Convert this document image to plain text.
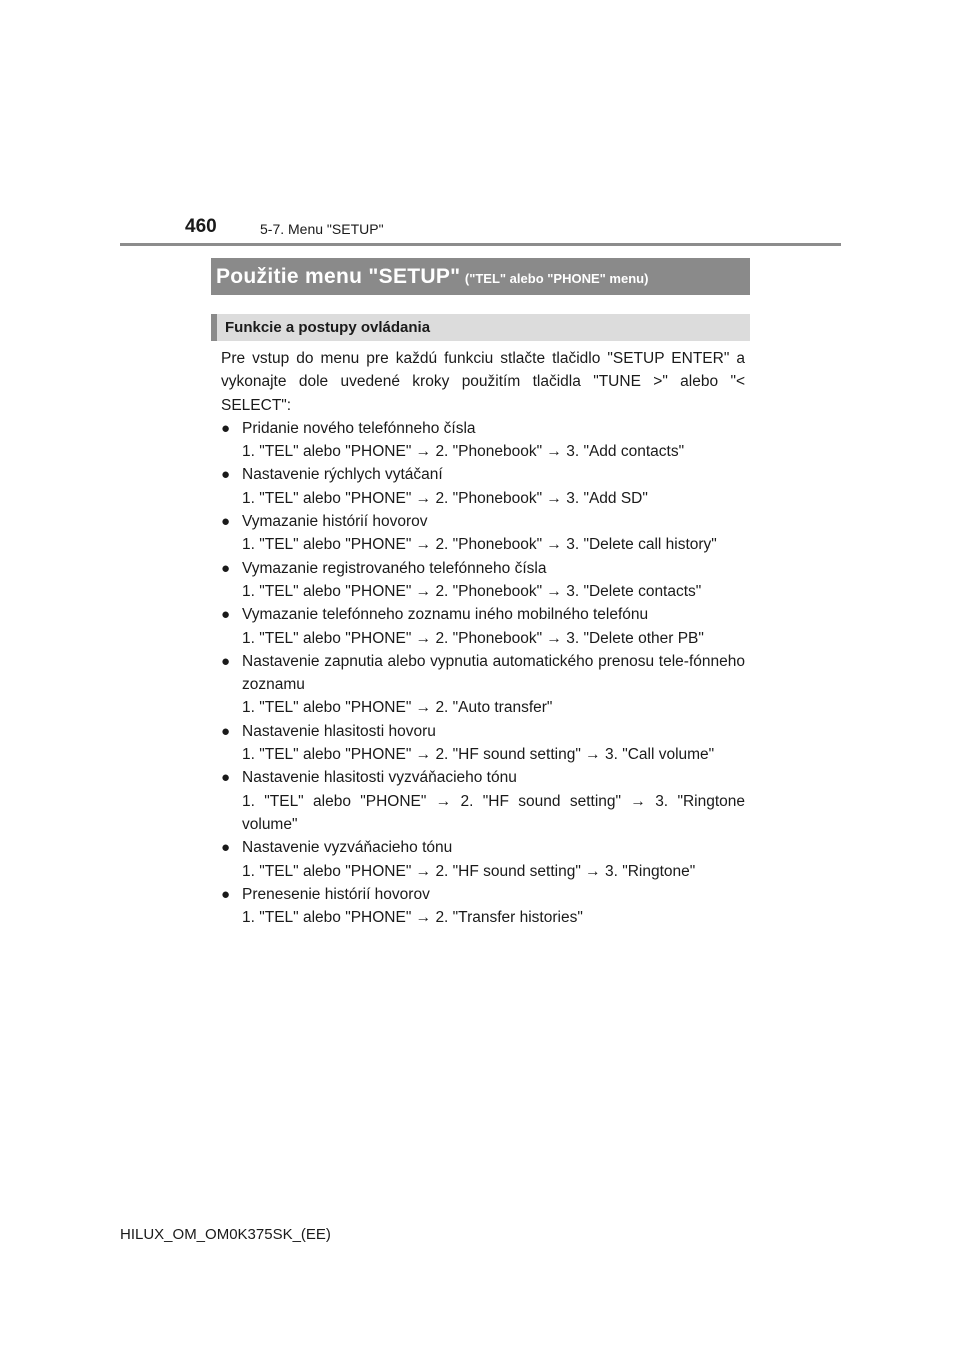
460	5-7. Menu "SETUP"
Použitie menu "SETUP" ("TEL" alebo "PHONE" menu)
Funkcie a postupy ovládania

Pre vstup do menu pre každú funkciu stlačte tlačidlo "SETUP ENTER" a vykonajte dole uvedené kroky použitím tlačidla "TUNE >" alebo "< SELECT":

● Pridanie nového telefónneho čísla
1. "TEL" alebo "PHONE" → 2. "Phonebook" → 3. "Add contacts"
● Nastavenie rýchlych vytáčaní
1. "TEL" alebo "PHONE" → 2. "Phonebook" → 3. "Add SD"
● Vymazanie histórií hovorov
1. "TEL" alebo "PHONE" → 2. "Phonebook" → 3. "Delete call history"
● Vymazanie registrovaného telefónneho čísla
1. "TEL" alebo "PHONE" → 2. "Phonebook" → 3. "Delete contacts"
● Vymazanie telefónneho zoznamu iného mobilného telefónu
1. "TEL" alebo "PHONE" → 2. "Phonebook" → 3. "Delete other PB"
● Nastavenie zapnutia alebo vypnutia automatického prenosu tele-fónneho zoznamu
1. "TEL" alebo "PHONE" → 2. "Auto transfer"
● Nastavenie hlasitosti hovoru
1. "TEL" alebo "PHONE" → 2. "HF sound setting" → 3. "Call volume"
● Nastavenie hlasitosti vyzváňacieho tónu
1. "TEL" alebo "PHONE" → 2. "HF sound setting" → 3. "Ringtone volume"
● Nastavenie vyzváňacieho tónu
1. "TEL" alebo "PHONE" → 2. "HF sound setting" → 3. "Ringtone"
● Prenesenie histórií hovorov
1. "TEL" alebo "PHONE" → 2. "Transfer histories"
HILUX_OM_OM0K375SK_(EE)
